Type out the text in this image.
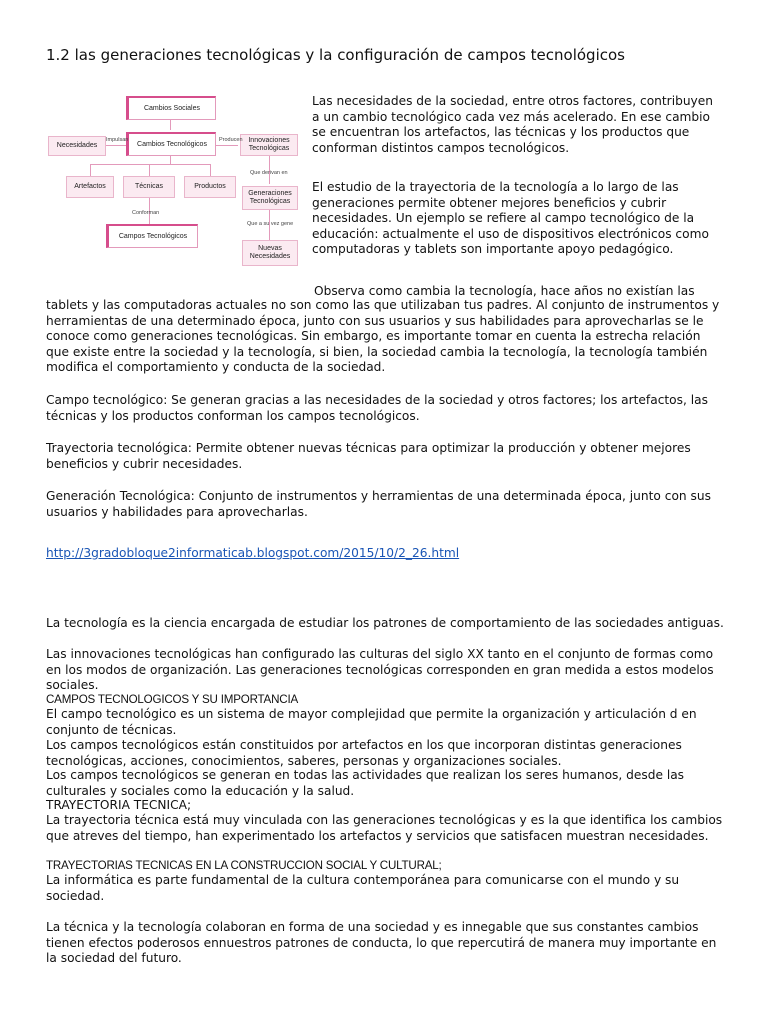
1.2 las generaciones tecnológicas y la configuración de campos tecnológicos
Cambios Sociales
Necesidades	Cambios Tecnológicos	Innovaciones Tecnológicas
Artefactos	Técnicas	Productos
Generaciones Tecnológicas
Campos Tecnológicos
Nuevas Necesidades
Impulsan	Producen
Que derivan en
Conforman
Que a su vez gene

Las necesidades de la sociedad, entre otros factores, contribuyen a un cambio tecnológico cada vez más acelerado. En ese cambio se encuentran los artefactos, las técnicas y los productos que conforman distintos campos tecnológicos.

El estudio de la trayectoria de la tecnología a lo largo de las generaciones permite obtener mejores beneficios y cubrir necesidades. Un ejemplo se refiere al campo tecnológico de la educación: actualmente el uso de dispositivos electrónicos como computadoras y tablets son importante apoyo pedagógico.

Observa como cambia la tecnología, hace años no existían las

tablets y las computadoras actuales no son como las que utilizaban tus padres. Al conjunto de instrumentos y herramientas de una determinado época, junto con sus usuarios y sus habilidades para aprovecharlas se le conoce como generaciones tecnológicas. Sin embargo, es importante tomar en cuenta la estrecha relación que existe entre la sociedad y la tecnología, si bien, la sociedad cambia la tecnología, la tecnología también modifica el comportamiento y conducta de la sociedad.

Campo tecnológico: Se generan gracias a las necesidades de la sociedad y otros factores; los artefactos, las técnicas y los productos conforman los campos tecnológicos.

Trayectoria tecnológica: Permite obtener nuevas técnicas para optimizar la producción y obtener mejores beneficios y cubrir necesidades.

Generación Tecnológica: Conjunto de instrumentos y herramientas de una determinada época, junto con sus usuarios y habilidades para aprovecharlas.

http://3gradobloque2informaticab.blogspot.com/2015/10/2_26.html

La tecnología es la ciencia encargada de estudiar los patrones de comportamiento de las sociedades antiguas.

Las innovaciones tecnológicas han configurado las culturas del siglo XX tanto en el conjunto de formas como en los modos de organización. Las generaciones tecnológicas corresponden en gran medida a estos modelos sociales.

CAMPOS TECNOLOGICOS Y SU IMPORTANCIA

El campo tecnológico es un sistema de mayor complejidad que permite la organización y articulación d en conjunto de técnicas.

Los campos tecnológicos están constituidos por artefactos en los que incorporan distintas generaciones tecnológicas, acciones, conocimientos, saberes, personas y organizaciones sociales.

Los campos tecnológicos se generan en todas las actividades que realizan los seres humanos, desde las culturales y sociales como la educación y la salud.

TRAYECTORIA TECNICA;

La trayectoria técnica está muy vinculada con las generaciones tecnológicas y es la que identifica los cambios que atreves del tiempo, han experimentado los artefactos y servicios que satisfacen muestran necesidades.

TRAYECTORIAS TECNICAS EN LA CONSTRUCCION SOCIAL Y CULTURAL;

La informática es parte fundamental de la cultura contemporánea para comunicarse con el mundo y su sociedad.

La técnica y la tecnología colaboran en forma de una sociedad y es innegable que sus constantes cambios tienen efectos poderosos ennuestros patrones de conducta, lo que repercutirá de manera muy importante en la sociedad del futuro.
